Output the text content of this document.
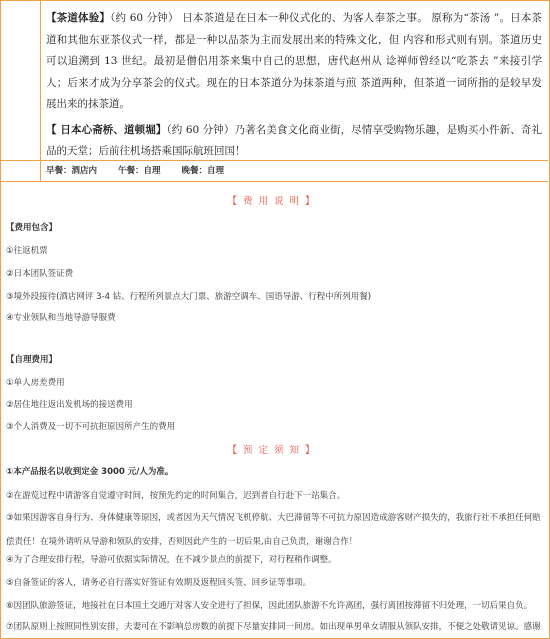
【茶道体验】（约 60 分钟） 日本茶道是在日本一种仪式化的、为客人奉茶之事。 原称为“茶汤 ”。日本茶道和其他东亚茶仪式一样，都是一种以品茶为主而发展出来的特殊文化，但 内容和形式则有别。茶道历史可以追溯到 13 世纪。最初是僧侣用茶来集中自己的思想，唐代赵州从 谂禅师曾经以“吃茶去 ”来接引学人；后来才成为分享茶会的仪式。现在的日本茶道分为抹茶道与煎 茶道两种，但茶道一词所指的是较早发展出来的抹茶道。

【 日本心斋桥、道顿堀】（约 60 分钟）乃著名美食文化商业街，尽情享受购物乐趣，是购买小件新、奇礼品的天堂；后前往机场搭乘国际航班回国！

早餐：酒店内 午餐：自理 晚餐：自理
【费用说明】
【费用包含】
①往返机票
②日本团队签证费
③境外段接待(酒店网评 3-4 钻、行程所列景点大门票、旅游空调车、国语导游、行程中所列用餐)
④专业领队和当地导游导服费
【自理费用】
①单人房差费用
②居住地往返出发机场的接送费用
③个人消费及一切不可抗拒原因所产生的费用
【预定须知】
①本产品报名以收到定金 3000 元/人为准。
②在游览过程中请游客自觉遵守时间，按预先约定的时间集合，迟到者自行赴下一站集合。
③如果因游客自身行为、身体健康等原因，或者因为天气情况飞机停航、大巴滞留等不可抗力原因造成游客财产损失的，我旅行社不承担任何赔偿责任！在境外请听从导游和领队的安排，否则因此产生的一切后果,由自己负责，谢谢合作！
④为了合理安排行程，导游可依据实际情况，在不减少景点的前提下，对行程稍作调整。
⑤自备签证的客人，请务必自行落实好签证有效期及返程回头签、回乡证等事项。
⑥因团队旅游签证，地接社在日本国土交通厅对客人安全进行了担保，因此团队旅游不允许离团，强行离团按滞留不归处理，一切后果自负。
⑦团队原则上按照同性别安排，夫妻可在不影响总房数的前提下尽量安排同一间房。如出现单男单女请服从领队安排，不便之处敬请见谅。感谢
